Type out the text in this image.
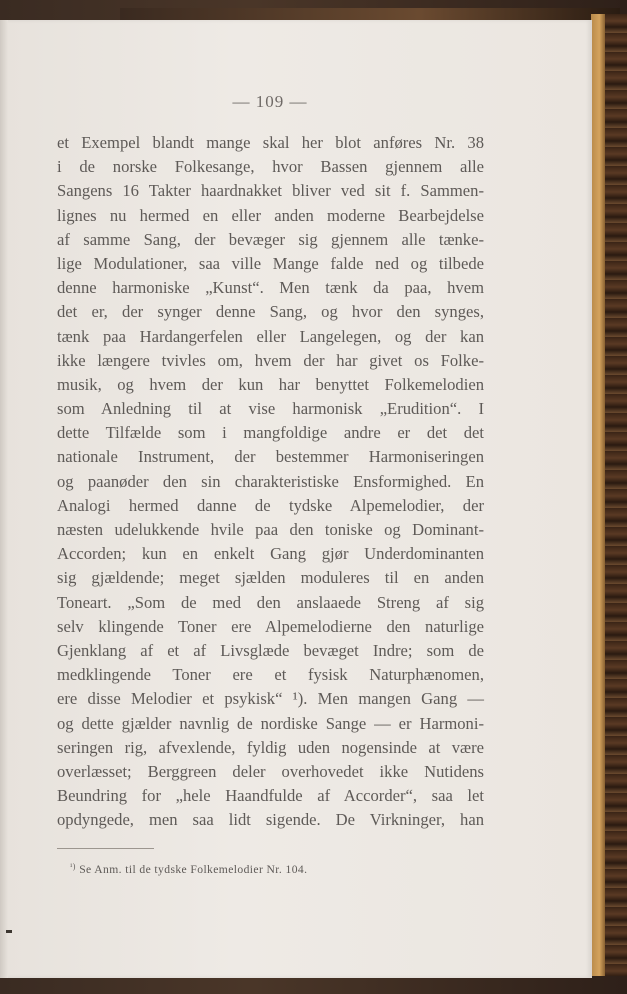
— 109 —
et Exempel blandt mange skal her blot anføres Nr. 38
i de norske Folkesange, hvor Bassen gjennem alle
Sangens 16 Takter haardnakket bliver ved sit f. Sammen-
lignes nu hermed en eller anden moderne Bearbejdelse
af samme Sang, der bevæger sig gjennem alle tænke-
lige Modulationer, saa ville Mange falde ned og tilbede
denne harmoniske „Kunst“. Men tænk da paa, hvem
det er, der synger denne Sang, og hvor den synges,
tænk paa Hardangerfelen eller Langelegen, og der kan
ikke længere tvivles om, hvem der har givet os Folke-
musik, og hvem der kun har benyttet Folkemelodien
som Anledning til at vise harmonisk „Erudition“. I
dette Tilfælde som i mangfoldige andre er det det
nationale Instrument, der bestemmer Harmoniseringen
og paanøder den sin charakteristiske Ensformighed. En
Analogi hermed danne de tydske Alpemelodier, der
næsten udelukkende hvile paa den toniske og Dominant-
Accorden; kun en enkelt Gang gjør Underdominanten
sig gjældende; meget sjælden moduleres til en anden
Toneart. „Som de med den anslaaede Streng af sig
selv klingende Toner ere Alpemelodierne den naturlige
Gjenklang af et af Livsglæde bevæget Indre; som de
medklingende Toner ere et fysisk Naturphænomen,
ere disse Melodier et psykisk“ ¹). Men mangen Gang —
og dette gjælder navnlig de nordiske Sange — er Harmoni-
seringen rig, afvexlende, fyldig uden nogensinde at være
overlæsset; Berggreen deler overhovedet ikke Nutidens
Beundring for „hele Haandfulde af Accorder“, saa let
opdyngede, men saa lidt sigende. De Virkninger, han
$^{^1)}$ Se Anm. til de tydske Folkemelodier Nr. 104.
